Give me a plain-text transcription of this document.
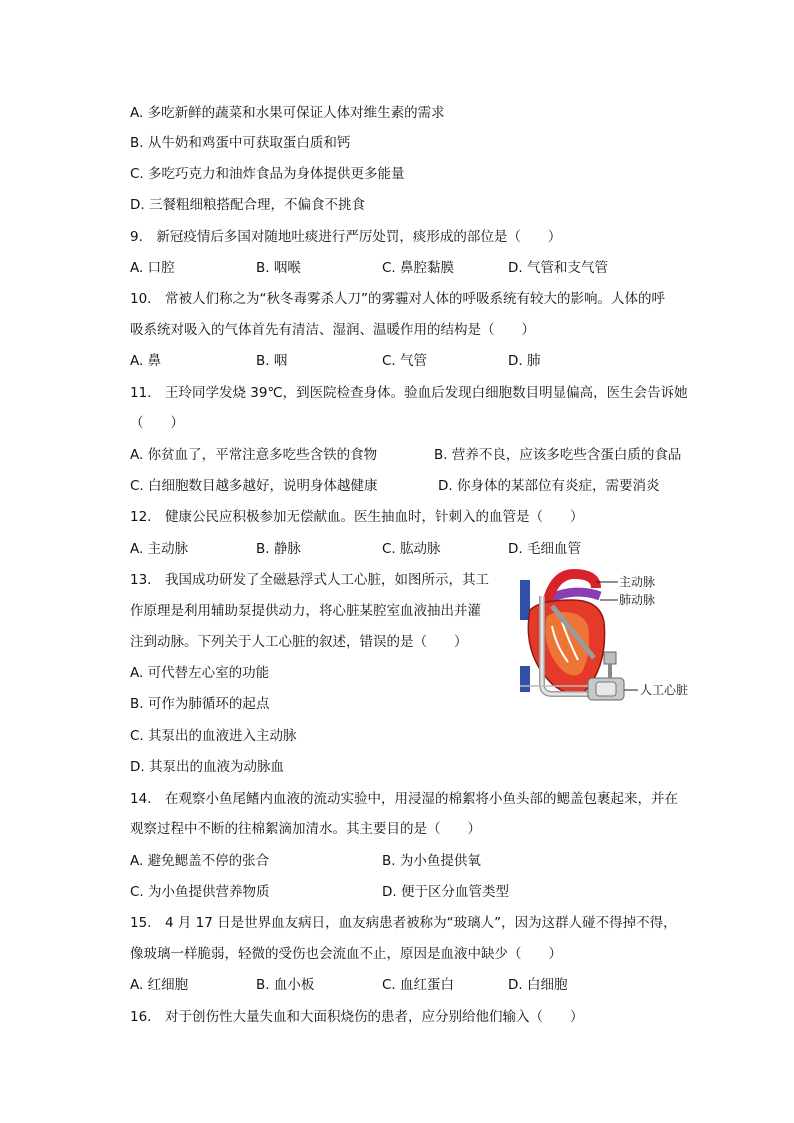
A. 多吃新鲜的蔬菜和水果可保证人体对维生素的需求
B. 从牛奶和鸡蛋中可获取蛋白质和钙
C. 多吃巧克力和油炸食品为身体提供更多能量
D. 三餐粗细粮搭配合理，不偏食不挑食
9.　新冠疫情后多国对随地吐痰进行严厉处罚，痰形成的部位是（　　）
A. 口腔	B. 咽喉	C. 鼻腔黏膜	D. 气管和支气管
10.　常被人们称之为“秋冬毒雾杀人刀”的雾霾对人体的呼吸系统有较大的影响。人体的呼
吸系统对吸入的气体首先有清洁、湿润、温暖作用的结构是（　　）
A. 鼻	B. 咽	C. 气管	D. 肺
11.　王玲同学发烧 39℃，到医院检查身体。验血后发现白细胞数目明显偏高，医生会告诉她
（　　）
A. 你贫血了，平常注意多吃些含铁的食物	B. 营养不良，应该多吃些含蛋白质的食品
C. 白细胞数目越多越好，说明身体越健康	D. 你身体的某部位有炎症，需要消炎
12.　健康公民应积极参加无偿献血。医生抽血时，针刺入的血管是（　　）
A. 主动脉	B. 静脉	C. 肱动脉	D. 毛细血管
13.　我国成功研发了全磁悬浮式人工心脏，如图所示，其工
作原理是利用辅助泵提供动力，将心脏某腔室血液抽出并灌
注到动脉。下列关于人工心脏的叙述，错误的是（　　）
A. 可代替左心室的功能
B. 可作为肺循环的起点
C. 其泵出的血液进入主动脉
D. 其泵出的血液为动脉血
主动脉
肺动脉
人工心脏
14.　在观察小鱼尾鳍内血液的流动实验中，用浸湿的棉絮将小鱼头部的鳃盖包裹起来，并在
观察过程中不断的往棉絮滴加清水。其主要目的是（　　）
A. 避免鳃盖不停的张合	B. 为小鱼提供氧
C. 为小鱼提供营养物质	D. 便于区分血管类型
15.　4 月 17 日是世界血友病日，血友病患者被称为“玻璃人”，因为这群人碰不得掉不得，
像玻璃一样脆弱，轻微的受伤也会流血不止，原因是血液中缺少（　　）
A. 红细胞	B. 血小板	C. 血红蛋白	D. 白细胞
16.　对于创伤性大量失血和大面积烧伤的患者，应分别给他们输入（　　）
